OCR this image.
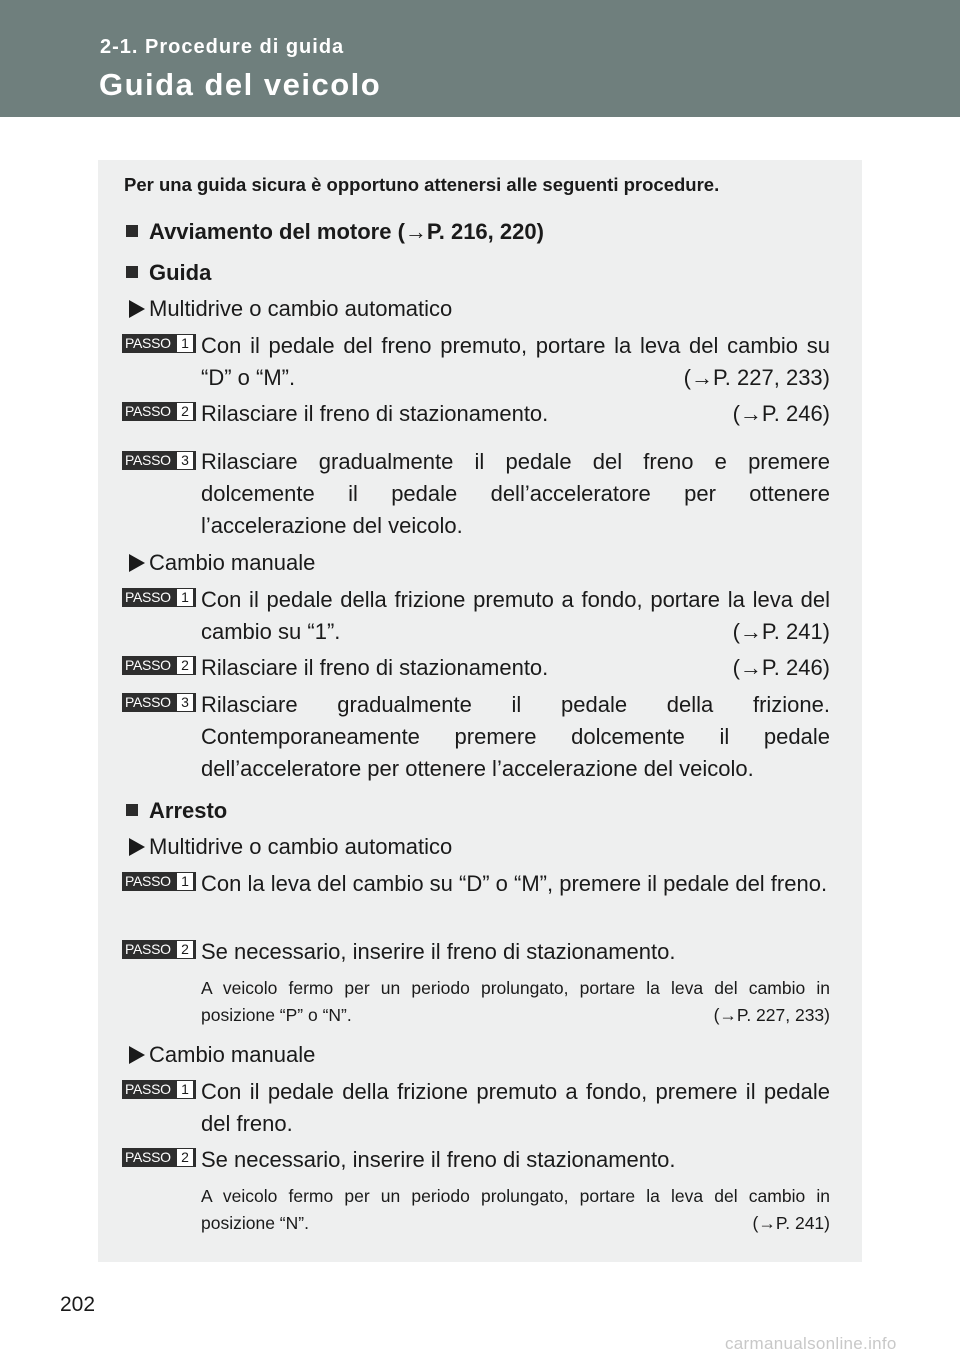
2-1. Procedure di guida
Guida del veicolo
Per una guida sicura è opportuno attenersi alle seguenti procedure.
Avviamento del motore (→P. 216, 220)
Guida
Multidrive o cambio automatico
PASSO 1 Con il pedale del freno premuto, portare la leva del cambio su “D” o “M”.	(→P. 227, 233)
PASSO 2 Rilasciare il freno di stazionamento.	(→P. 246)
PASSO 3 Rilasciare gradualmente il pedale del freno e premere dolcemente il pedale dell’acceleratore per ottenere l’accelerazione del veicolo.
Cambio manuale
PASSO 1 Con il pedale della frizione premuto a fondo, portare la leva del cambio su “1”.	(→P. 241)
PASSO 2 Rilasciare il freno di stazionamento.	(→P. 246)
PASSO 3 Rilasciare gradualmente il pedale della frizione. Contemporaneamente premere dolcemente il pedale dell’acceleratore per ottenere l’accelerazione del veicolo.
Arresto
Multidrive o cambio automatico
PASSO 1 Con la leva del cambio su “D” o “M”, premere il pedale del freno.
PASSO 2 Se necessario, inserire il freno di stazionamento.
A veicolo fermo per un periodo prolungato, portare la leva del cambio in posizione “P” o “N”.	(→P. 227, 233)
Cambio manuale
PASSO 1 Con il pedale della frizione premuto a fondo, premere il pedale del freno.
PASSO 2 Se necessario, inserire il freno di stazionamento.
A veicolo fermo per un periodo prolungato, portare la leva del cambio in posizione “N”.	(→P. 241)
202
carmanualsonline.info
